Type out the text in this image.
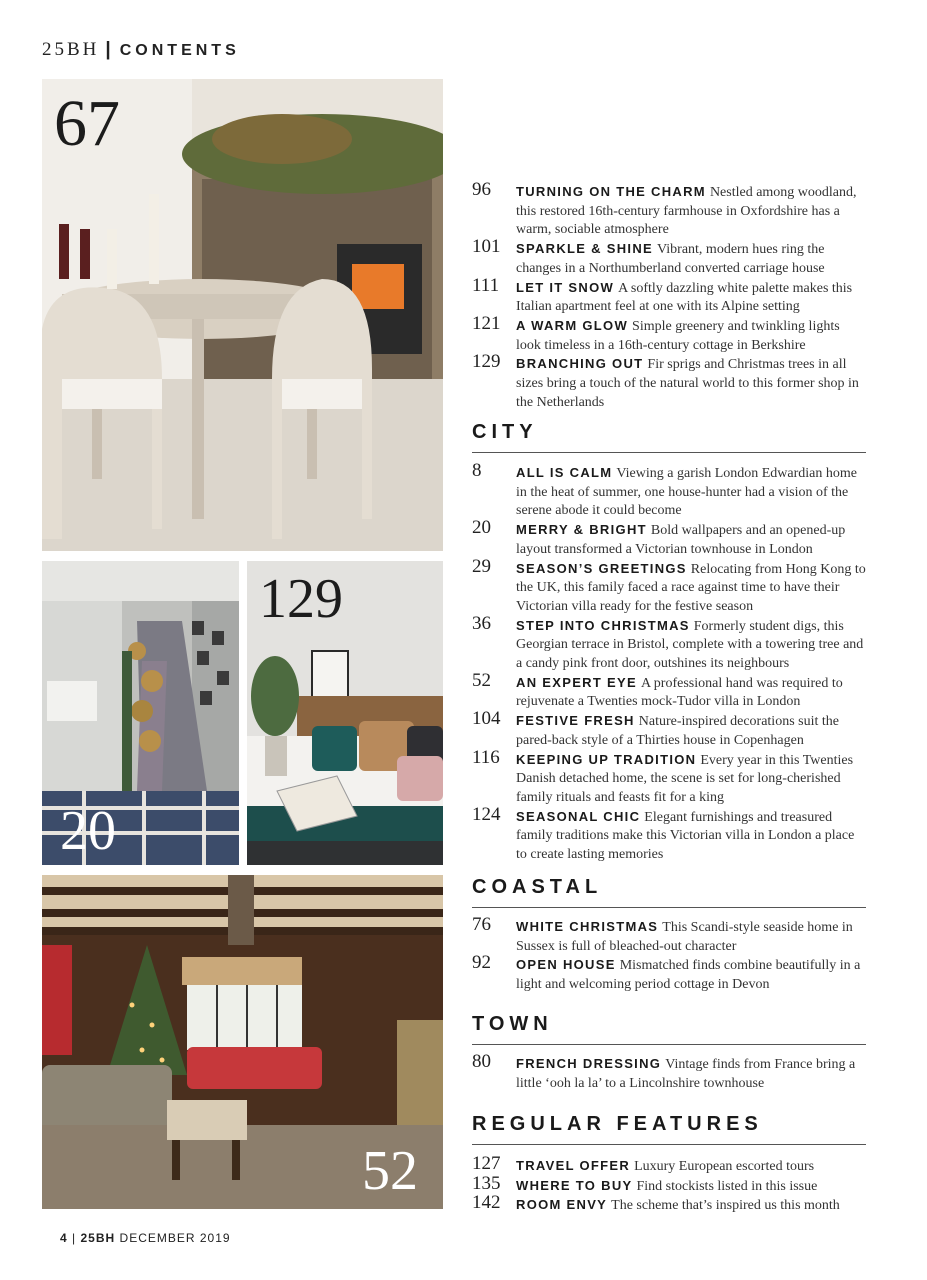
25BH | CONTENTS
67
20
129
52
96 TURNING ON THE CHARM Nestled among woodland, this restored 16th-century farmhouse in Oxfordshire has a warm, sociable atmosphere
101 SPARKLE & SHINE Vibrant, modern hues ring the changes in a Northumberland converted carriage house
111 LET IT SNOW A softly dazzling white palette makes this Italian apartment feel at one with its Alpine setting
121 A WARM GLOW Simple greenery and twinkling lights look timeless in a 16th-century cottage in Berkshire
129 BRANCHING OUT Fir sprigs and Christmas trees in all sizes bring a touch of the natural world to this former shop in the Netherlands
CITY
8	ALL IS CALM Viewing a garish London Edwardian home in the heat of summer, one house-hunter had a vision of the serene abode it could become
20 MERRY & BRIGHT Bold wallpapers and an opened-up layout transformed a Victorian townhouse in London
29 SEASON’S GREETINGS Relocating from Hong Kong to the UK, this family faced a race against time to have their Victorian villa ready for the festive season
36 STEP INTO CHRISTMAS Formerly student digs, this Georgian terrace in Bristol, complete with a towering tree and a candy pink front door, outshines its neighbours
52 AN EXPERT EYE A professional hand was required to rejuvenate a Twenties mock-Tudor villa in London
104 FESTIVE FRESH Nature-inspired decorations suit the pared-back style of a Thirties house in Copenhagen
116 KEEPING UP TRADITION Every year in this Twenties Danish detached home, the scene is set for long-cherished family rituals and feasts fit for a king
124 SEASONAL CHIC Elegant furnishings and treasured family traditions make this Victorian villa in London a place to create lasting memories
COASTAL
76 WHITE CHRISTMAS This Scandi-style seaside home in Sussex is full of bleached-out character
92 OPEN HOUSE Mismatched finds combine beautifully in a light and welcoming period cottage in Devon
TOWN
80 FRENCH DRESSING Vintage finds from France bring a little ‘ooh la la’ to a Lincolnshire townhouse
REGULAR FEATURES
127 TRAVEL OFFER Luxury European escorted tours
135 WHERE TO BUY Find stockists listed in this issue
142 ROOM ENVY The scheme that’s inspired us this month
4 | 25BH DECEMBER 2019
